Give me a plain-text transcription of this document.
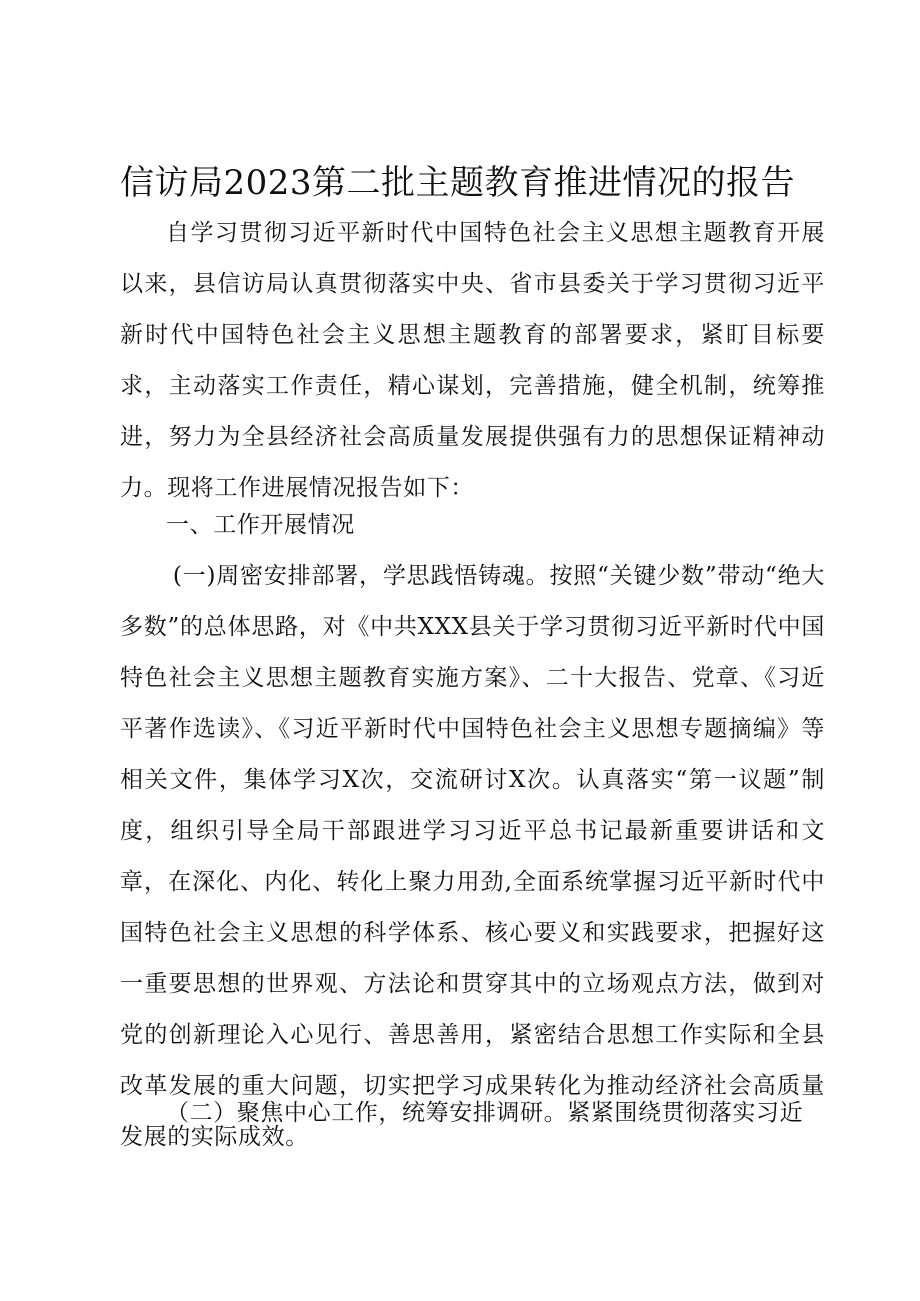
信访局2023第二批主题教育推进情况的报告

自学习贯彻习近平新时代中国特色社会主义思想主题教育开展以来，县信访局认真贯彻落实中央、省市县委关于学习贯彻习近平新时代中国特色社会主义思想主题教育的部署要求，紧盯目标要求，主动落实工作责任，精心谋划，完善措施，健全机制，统筹推进，努力为全县经济社会高质量发展提供强有力的思想保证精神动力。现将工作进展情况报告如下：

一、工作开展情况

(一)周密安排部署，学思践悟铸魂。按照“关键少数”带动“绝大多数”的总体思路，对《中共XXX县关于学习贯彻习近平新时代中国特色社会主义思想主题教育实施方案》、二十大报告、党章、《习近平著作选读》、《习近平新时代中国特色社会主义思想专题摘编》等相关文件，集体学习X次，交流研讨X次。认真落实“第一议题”制度，组织引导全局干部跟进学习习近平总书记最新重要讲话和文章，在深化、内化、转化上聚力用劲,全面系统掌握习近平新时代中国特色社会主义思想的科学体系、核心要义和实践要求，把握好这一重要思想的世界观、方法论和贯穿其中的立场观点方法，做到对党的创新理论入心见行、善思善用，紧密结合思想工作实际和全县改革发展的重大问题，切实把学习成果转化为推动经济社会高质量发展的实际成效。

（二）聚焦中心工作，统筹安排调研。紧紧围绕贯彻落实习近
